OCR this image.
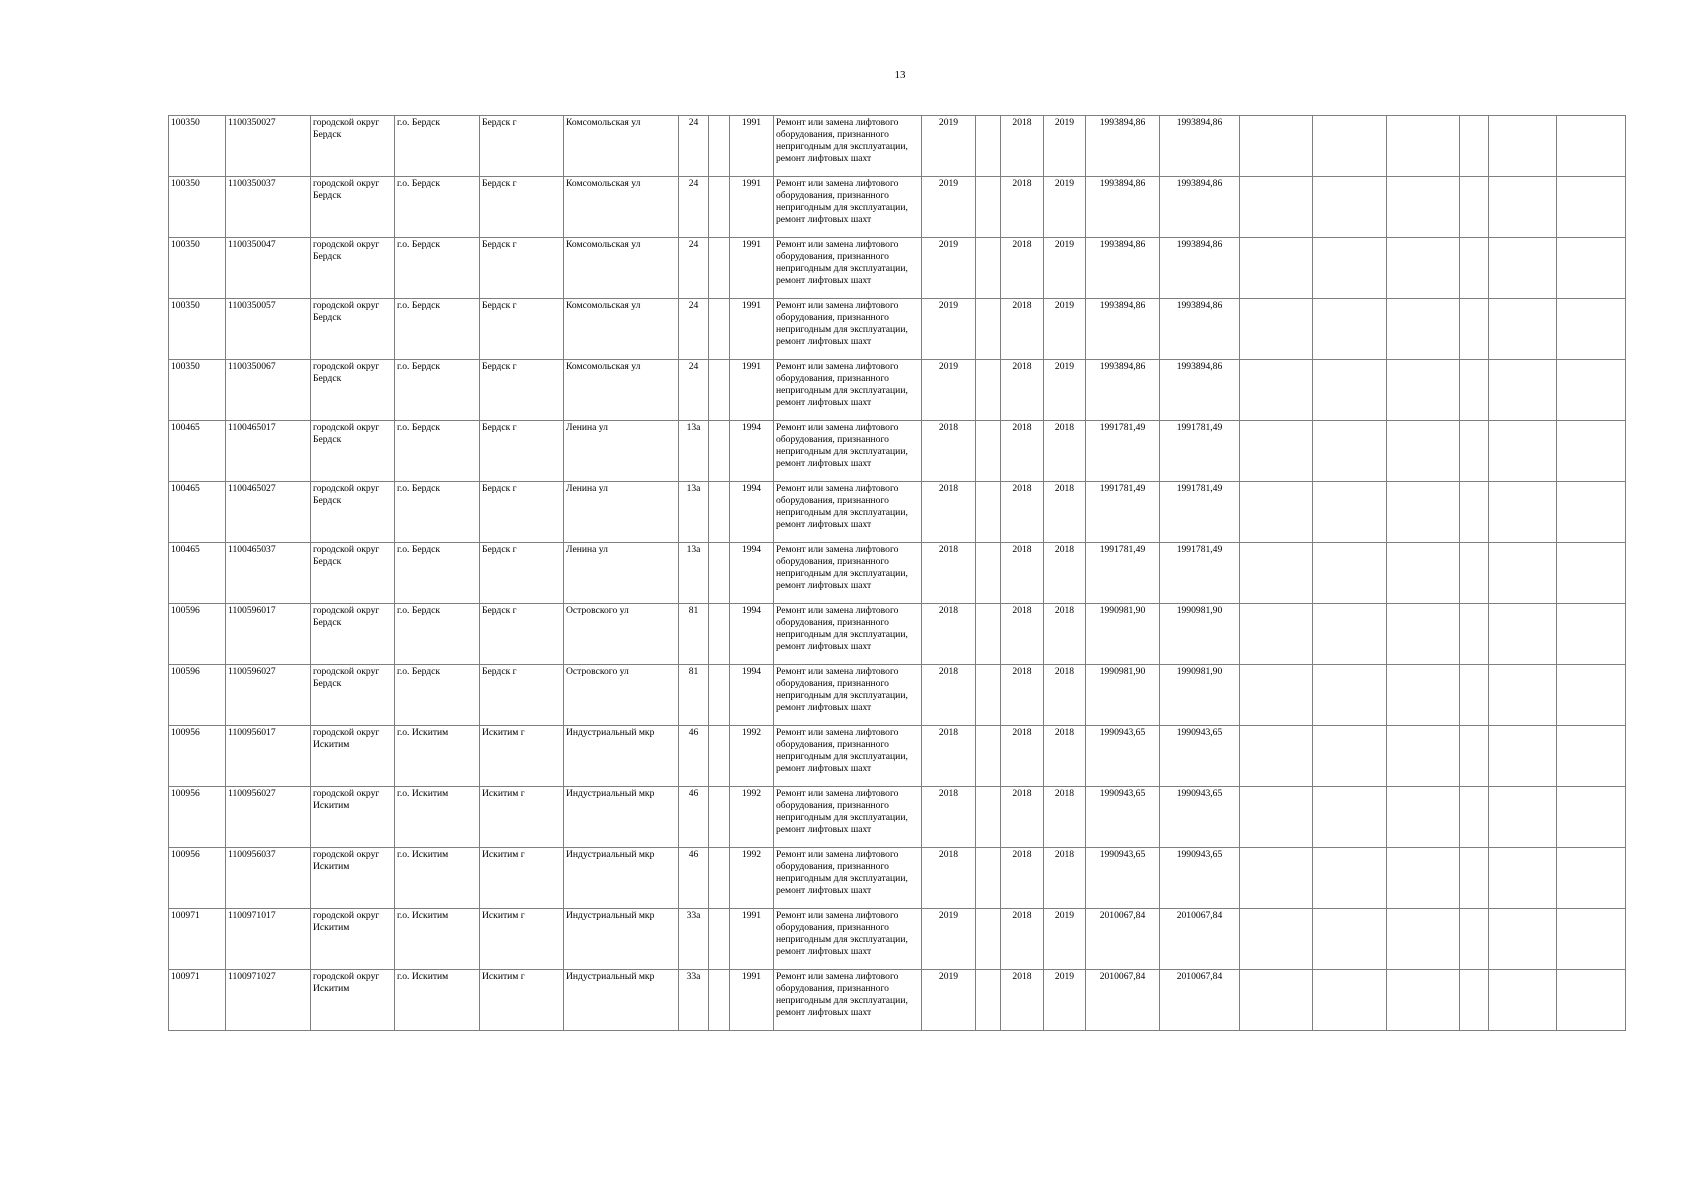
13
100350	1100350027	городской округ Бердск	г.о. Бердск	Бердск г	Комсомольская ул	24		1991	Ремонт или замена лифтового оборудования, признанного непригодным для эксплуатации, ремонт лифтовых шахт	2019		2018	2019	1993894,86	1993894,86						
100350	1100350037	городской округ Бердск	г.о. Бердск	Бердск г	Комсомольская ул	24		1991	Ремонт или замена лифтового оборудования, признанного непригодным для эксплуатации, ремонт лифтовых шахт	2019		2018	2019	1993894,86	1993894,86						
100350	1100350047	городской округ Бердск	г.о. Бердск	Бердск г	Комсомольская ул	24		1991	Ремонт или замена лифтового оборудования, признанного непригодным для эксплуатации, ремонт лифтовых шахт	2019		2018	2019	1993894,86	1993894,86						
100350	1100350057	городской округ Бердск	г.о. Бердск	Бердск г	Комсомольская ул	24		1991	Ремонт или замена лифтового оборудования, признанного непригодным для эксплуатации, ремонт лифтовых шахт	2019		2018	2019	1993894,86	1993894,86						
100350	1100350067	городской округ Бердск	г.о. Бердск	Бердск г	Комсомольская ул	24		1991	Ремонт или замена лифтового оборудования, признанного непригодным для эксплуатации, ремонт лифтовых шахт	2019		2018	2019	1993894,86	1993894,86						
100465	1100465017	городской округ Бердск	г.о. Бердск	Бердск г	Ленина ул	13а		1994	Ремонт или замена лифтового оборудования, признанного непригодным для эксплуатации, ремонт лифтовых шахт	2018		2018	2018	1991781,49	1991781,49						
100465	1100465027	городской округ Бердск	г.о. Бердск	Бердск г	Ленина ул	13а		1994	Ремонт или замена лифтового оборудования, признанного непригодным для эксплуатации, ремонт лифтовых шахт	2018		2018	2018	1991781,49	1991781,49						
100465	1100465037	городской округ Бердск	г.о. Бердск	Бердск г	Ленина ул	13а		1994	Ремонт или замена лифтового оборудования, признанного непригодным для эксплуатации, ремонт лифтовых шахт	2018		2018	2018	1991781,49	1991781,49						
100596	1100596017	городской округ Бердск	г.о. Бердск	Бердск г	Островского ул	81		1994	Ремонт или замена лифтового оборудования, признанного непригодным для эксплуатации, ремонт лифтовых шахт	2018		2018	2018	1990981,90	1990981,90						
100596	1100596027	городской округ Бердск	г.о. Бердск	Бердск г	Островского ул	81		1994	Ремонт или замена лифтового оборудования, признанного непригодным для эксплуатации, ремонт лифтовых шахт	2018		2018	2018	1990981,90	1990981,90						
100956	1100956017	городской округ Искитим	г.о. Искитим	Искитим г	Индустриальный мкр	46		1992	Ремонт или замена лифтового оборудования, признанного непригодным для эксплуатации, ремонт лифтовых шахт	2018		2018	2018	1990943,65	1990943,65						
100956	1100956027	городской округ Искитим	г.о. Искитим	Искитим г	Индустриальный мкр	46		1992	Ремонт или замена лифтового оборудования, признанного непригодным для эксплуатации, ремонт лифтовых шахт	2018		2018	2018	1990943,65	1990943,65						
100956	1100956037	городской округ Искитим	г.о. Искитим	Искитим г	Индустриальный мкр	46		1992	Ремонт или замена лифтового оборудования, признанного непригодным для эксплуатации, ремонт лифтовых шахт	2018		2018	2018	1990943,65	1990943,65						
100971	1100971017	городской округ Искитим	г.о. Искитим	Искитим г	Индустриальный мкр	33а		1991	Ремонт или замена лифтового оборудования, признанного непригодным для эксплуатации, ремонт лифтовых шахт	2019		2018	2019	2010067,84	2010067,84						
100971	1100971027	городской округ Искитим	г.о. Искитим	Искитим г	Индустриальный мкр	33а		1991	Ремонт или замена лифтового оборудования, признанного непригодным для эксплуатации, ремонт лифтовых шахт	2019		2018	2019	2010067,84	2010067,84						
